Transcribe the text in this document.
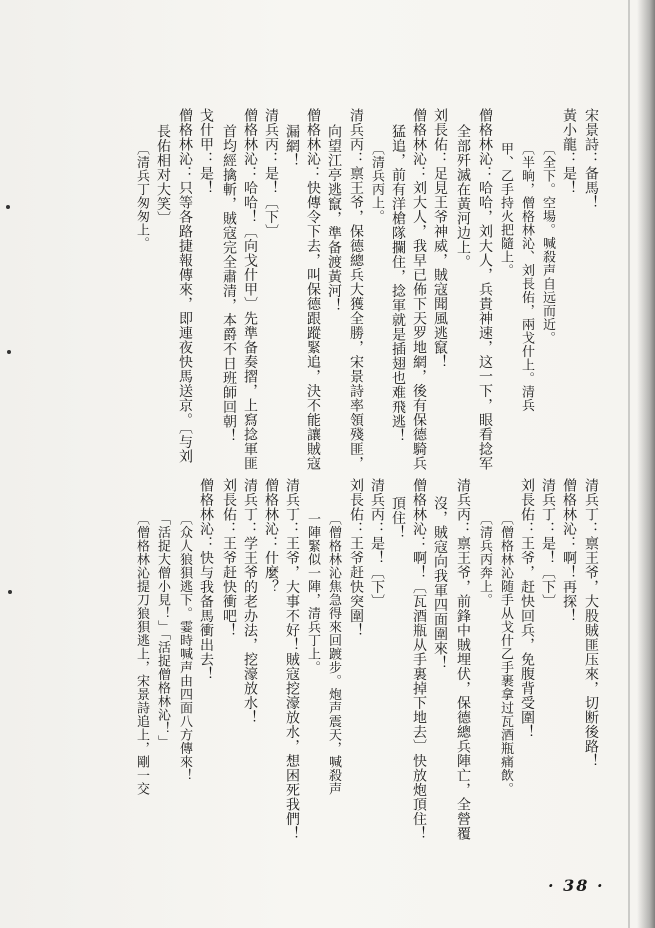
宋景詩：备馬！
黃小龍：是！
〔全下。空場。喊殺声自远而近。
〔半晌，僧格林沁、刘長佑，兩戈什上。清兵
甲、乙手持火把隨上。
僧格林沁：哈哈，刘大人，兵貴神速，这一下，眼看捻军
全部歼滅在黃河边上。
刘長佑：足見王爷神威，賊寇聞風逃竄！
僧格林沁：刘大人，我早已佈下天罗地網，後有保德騎兵
猛追，前有洋槍隊攔住，捻軍就是插翅也难飛逃！
〔清兵丙上。
清兵丙：禀王爷，保德總兵大獲全勝，宋景詩率領殘匪，
向望江亭逃竄，準备渡黃河！
僧格林沁：快傳令下去，叫保德跟蹤緊追，決不能讓賊寇
漏網！
清兵丙：是！〔下〕
僧格林沁：哈哈！〔向戈什甲〕先準备奏摺，上寫捻軍匪
首均經擒斬，賊寇完全肅清，本爵不日班師回朝！
戈什甲：是！
僧格林沁：只等各路捷報傳來，即連夜快馬送京。〔与刘
長佑相对大笑〕
〔清兵丁匆匆上。
清兵丁：禀王爷，大股賊匪压來，切断後路！
僧格林沁：啊！再探！
清兵丁：是！〔下〕
刘長佑：王爷，赶快回兵，免腹背受圍！
〔僧格林沁随手从戈什乙手裹拿过瓦酒瓶痛飲。
〔清兵丙奔上。
清兵丙：禀王爷，前鋒中賊埋伏，保德總兵陣亡，全營覆
沒，賊寇向我軍四面圍來！
僧格林沁：啊！〔瓦酒瓶从手裏掉下地去〕快放炮頂住！
頂住！
清兵丙：是！〔下〕
刘長佑：王爷赶快突圍！
〔僧格林沁焦急得來回踱步。炮声震天，喊殺声
一陣緊似一陣，清兵丁上。
清兵丁：王爷，大事不好！賊寇挖濠放水，想困死我們！
僧格林沁：什麼？
清兵丁：学王爷的老办法，挖濠放水！
刘長佑：王爷赶快衝吧！
僧格林沁：快与我备馬衝出去！
〔众人狼狽逃下。霎時喊声由四面八方傳來！
「活捉大僧小見！」「活捉僧格林沁！」
〔僧格林沁提刀狼狽逃上，宋景詩追上，剛一交
· 38 ·
